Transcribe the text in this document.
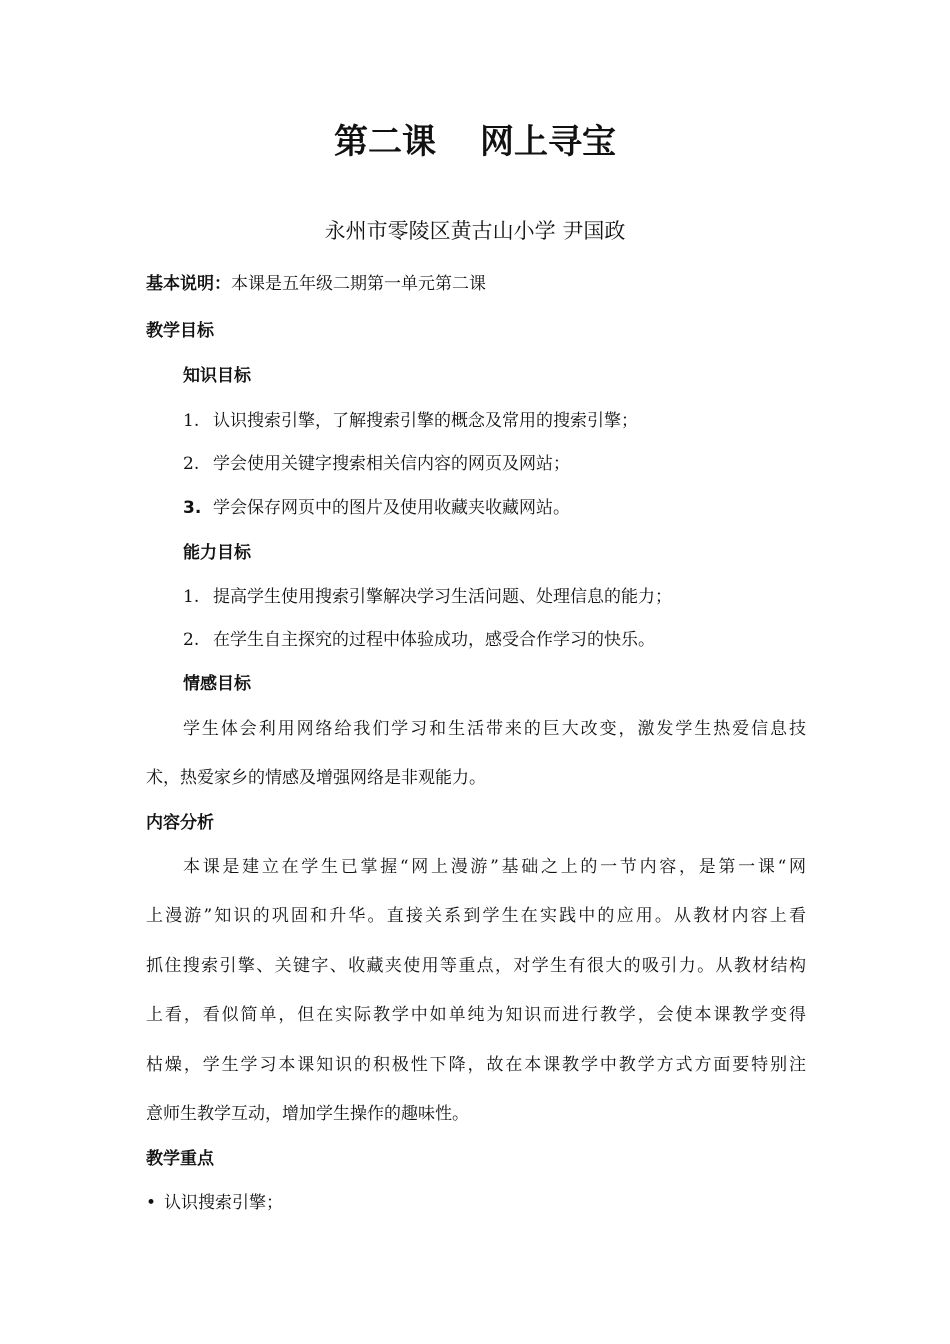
第二课 网上寻宝
永州市零陵区黄古山小学 尹国政
基本说明：本课是五年级二期第一单元第二课
教学目标
知识目标
1. 认识搜索引擎，了解搜索引擎的概念及常用的搜索引擎；
2. 学会使用关键字搜索相关信内容的网页及网站；
3. 学会保存网页中的图片及使用收藏夹收藏网站。
能力目标
1. 提高学生使用搜索引擎解决学习生活问题、处理信息的能力；
2. 在学生自主探究的过程中体验成功，感受合作学习的快乐。
情感目标
学生体会利用网络给我们学习和生活带来的巨大改变，激发学生热爱信息技
术，热爱家乡的情感及增强网络是非观能力。
内容分析
本课是建立在学生已掌握“网上漫游”基础之上的一节内容，是第一课“网
上漫游”知识的巩固和升华。直接关系到学生在实践中的应用。从教材内容上看
抓住搜索引擎、关键字、收藏夹使用等重点，对学生有很大的吸引力。从教材结构
上看，看似简单，但在实际教学中如单纯为知识而进行教学，会使本课教学变得
枯燥，学生学习本课知识的积极性下降，故在本课教学中教学方式方面要特别注
意师生教学互动，增加学生操作的趣味性。
教学重点
• 认识搜索引擎；
